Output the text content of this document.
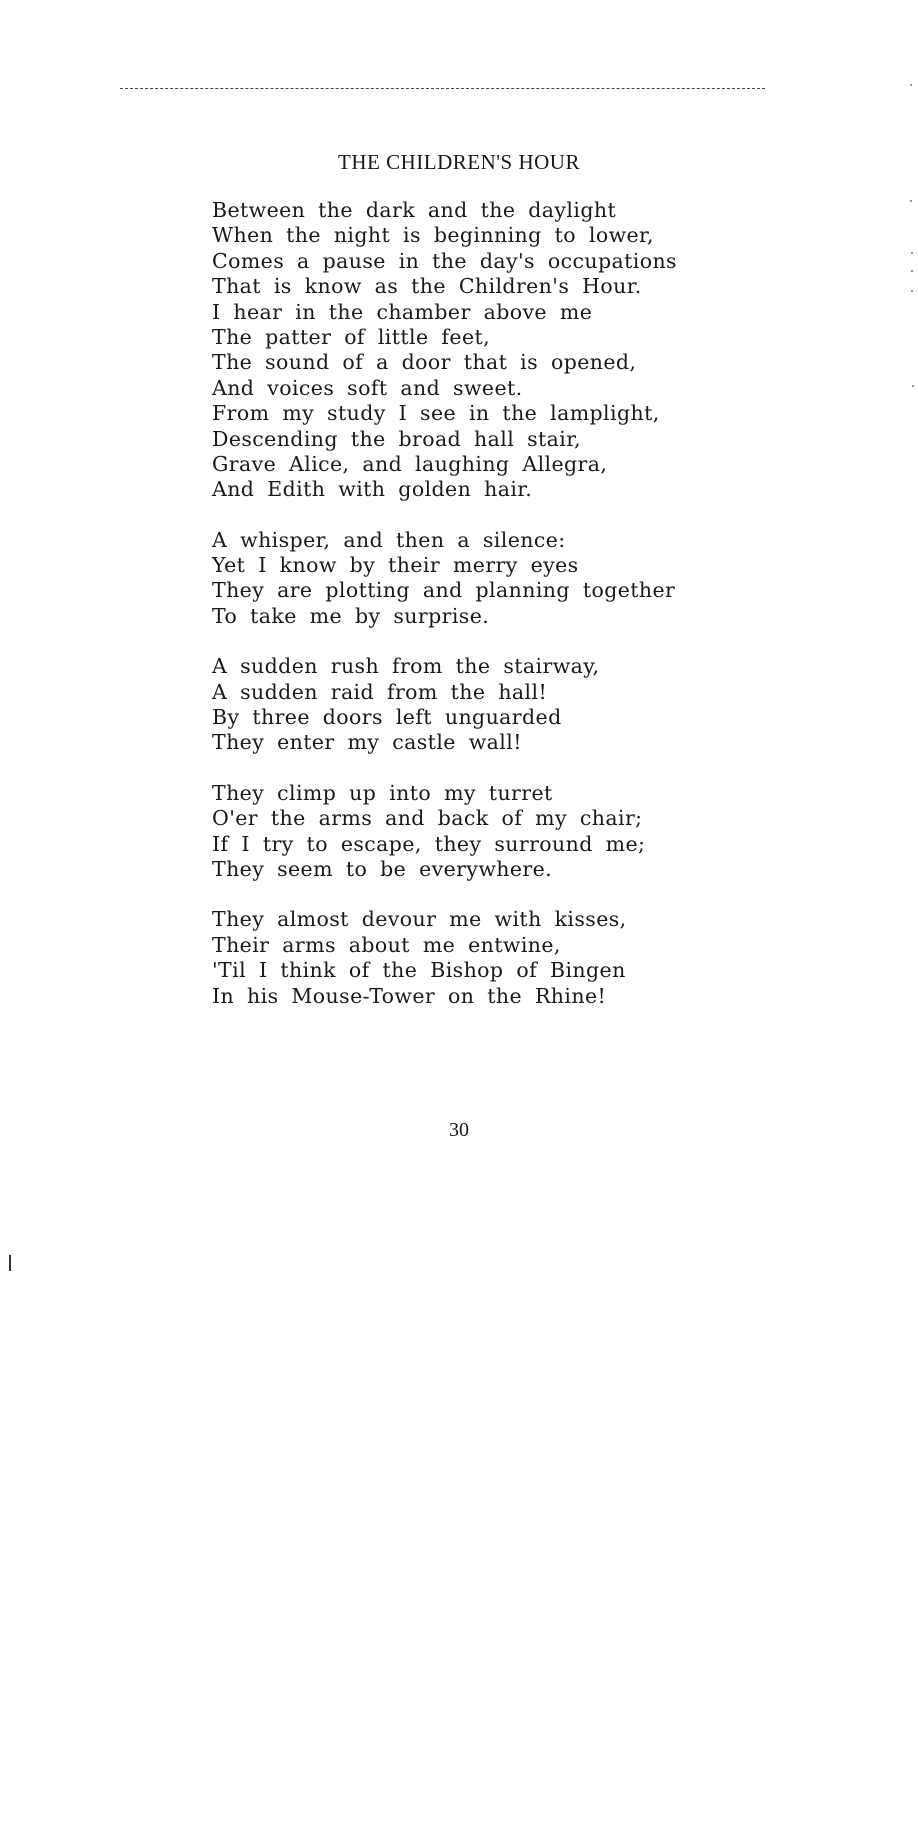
THE CHILDREN'S HOUR
Between the dark and the daylight
When the night is beginning to lower,
Comes a pause in the day's occupations
That is know as the Children's Hour.
I hear in the chamber above me
The patter of little feet,
The sound of a door that is opened,
And voices soft and sweet.
From my study I see in the lamplight,
Descending the broad hall stair,
Grave Alice, and laughing Allegra,
And Edith with golden hair.
A whisper, and then a silence:
Yet I know by their merry eyes
They are plotting and planning together
To take me by surprise.
A sudden rush from the stairway,
A sudden raid from the hall!
By three doors left unguarded
They enter my castle wall!
They climp up into my turret
O'er the arms and back of my chair;
If I try to escape, they surround me;
They seem to be everywhere.
They almost devour me with kisses,
Their arms about me entwine,
'Til I think of the Bishop of Bingen
In his Mouse-Tower on the Rhine!
30
